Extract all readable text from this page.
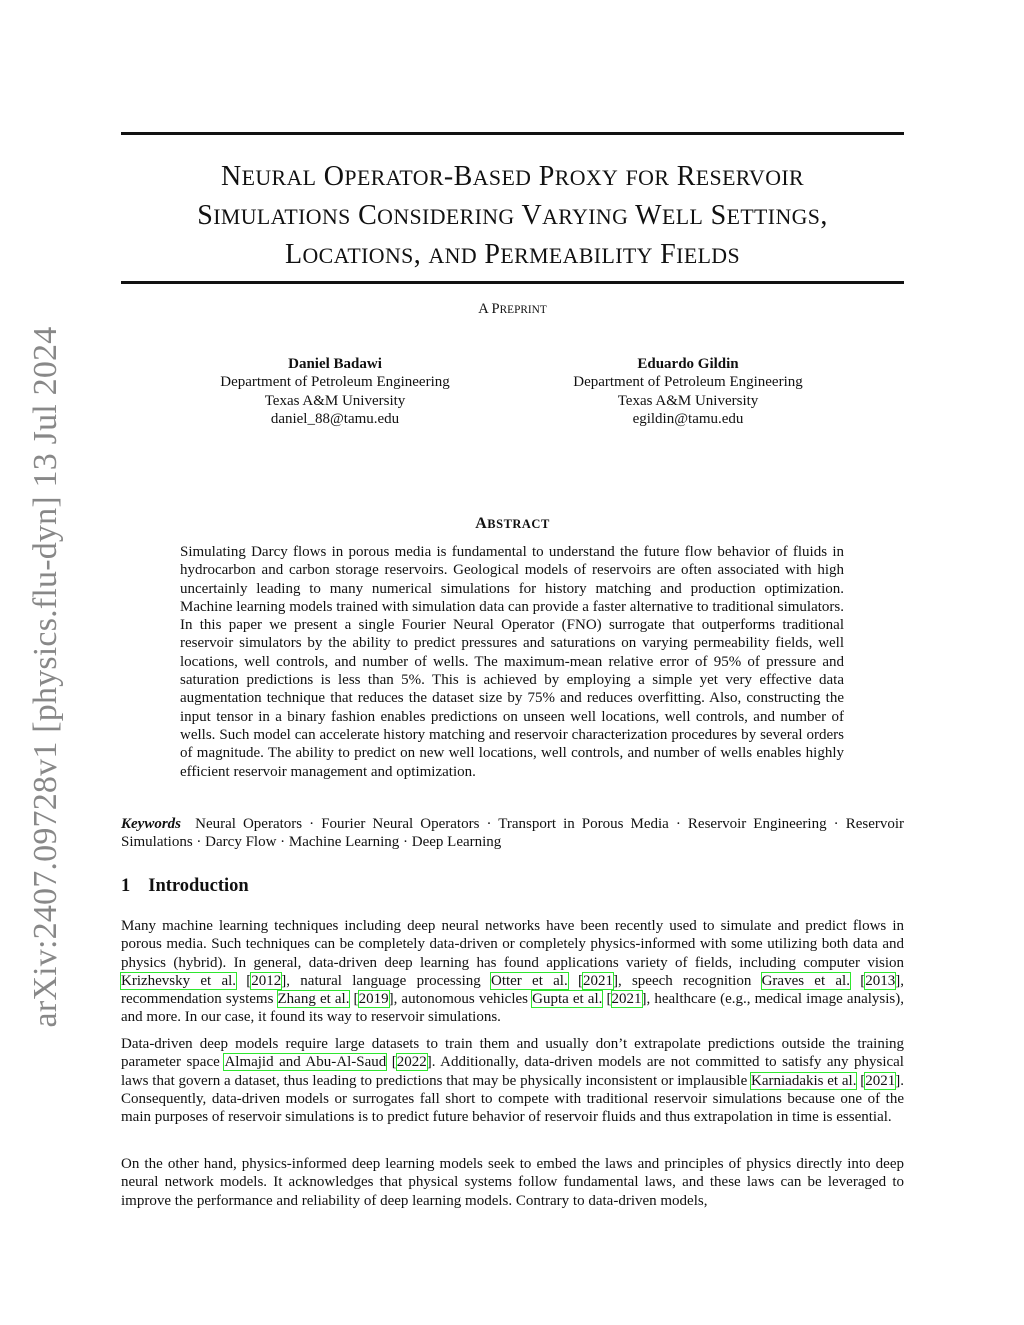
arXiv:2407.09728v1 [physics.flu-dyn] 13 Jul 2024
NEURAL OPERATOR-BASED PROXY FOR RESERVOIR
SIMULATIONS CONSIDERING VARYING WELL SETTINGS,
LOCATIONS, AND PERMEABILITY FIELDS
A PREPRINT
Daniel Badawi
Department of Petroleum Engineering
Texas A&M University
daniel_88@tamu.edu
Eduardo Gildin
Department of Petroleum Engineering
Texas A&M University
egildin@tamu.edu
ABSTRACT
Simulating Darcy flows in porous media is fundamental to understand the future flow behavior of fluids in hydrocarbon and carbon storage reservoirs. Geological models of reservoirs are often associated with high uncertainly leading to many numerical simulations for history matching and production optimization. Machine learning models trained with simulation data can provide a faster alternative to traditional simulators. In this paper we present a single Fourier Neural Operator (FNO) surrogate that outperforms traditional reservoir simulators by the ability to predict pressures and saturations on varying permeability fields, well locations, well controls, and number of wells. The maximum-mean relative error of 95% of pressure and saturation predictions is less than 5%. This is achieved by employing a simple yet very effective data augmentation technique that reduces the dataset size by 75% and reduces overfitting. Also, constructing the input tensor in a binary fashion enables predictions on unseen well locations, well controls, and number of wells. Such model can accelerate history matching and reservoir characterization procedures by several orders of magnitude. The ability to predict on new well locations, well controls, and number of wells enables highly efficient reservoir management and optimization.
Keywords Neural Operators · Fourier Neural Operators · Transport in Porous Media · Reservoir Engineering · Reservoir Simulations · Darcy Flow · Machine Learning · Deep Learning
1 Introduction
Many machine learning techniques including deep neural networks have been recently used to simulate and predict flows in porous media. Such techniques can be completely data-driven or completely physics-informed with some utilizing both data and physics (hybrid). In general, data-driven deep learning has found applications variety of fields, including computer vision Krizhevsky et al. [2012], natural language processing Otter et al. [2021], speech recognition Graves et al. [2013], recommendation systems Zhang et al. [2019], autonomous vehicles Gupta et al. [2021], healthcare (e.g., medical image analysis), and more. In our case, it found its way to reservoir simulations.
Data-driven deep models require large datasets to train them and usually don’t extrapolate predictions outside the training parameter space Almajid and Abu-Al-Saud [2022]. Additionally, data-driven models are not committed to satisfy any physical laws that govern a dataset, thus leading to predictions that may be physically inconsistent or implausible Karniadakis et al. [2021]. Consequently, data-driven models or surrogates fall short to compete with traditional reservoir simulations because one of the main purposes of reservoir simulations is to predict future behavior of reservoir fluids and thus extrapolation in time is essential.
On the other hand, physics-informed deep learning models seek to embed the laws and principles of physics directly into deep neural network models. It acknowledges that physical systems follow fundamental laws, and these laws can be leveraged to improve the performance and reliability of deep learning models. Contrary to data-driven models,
